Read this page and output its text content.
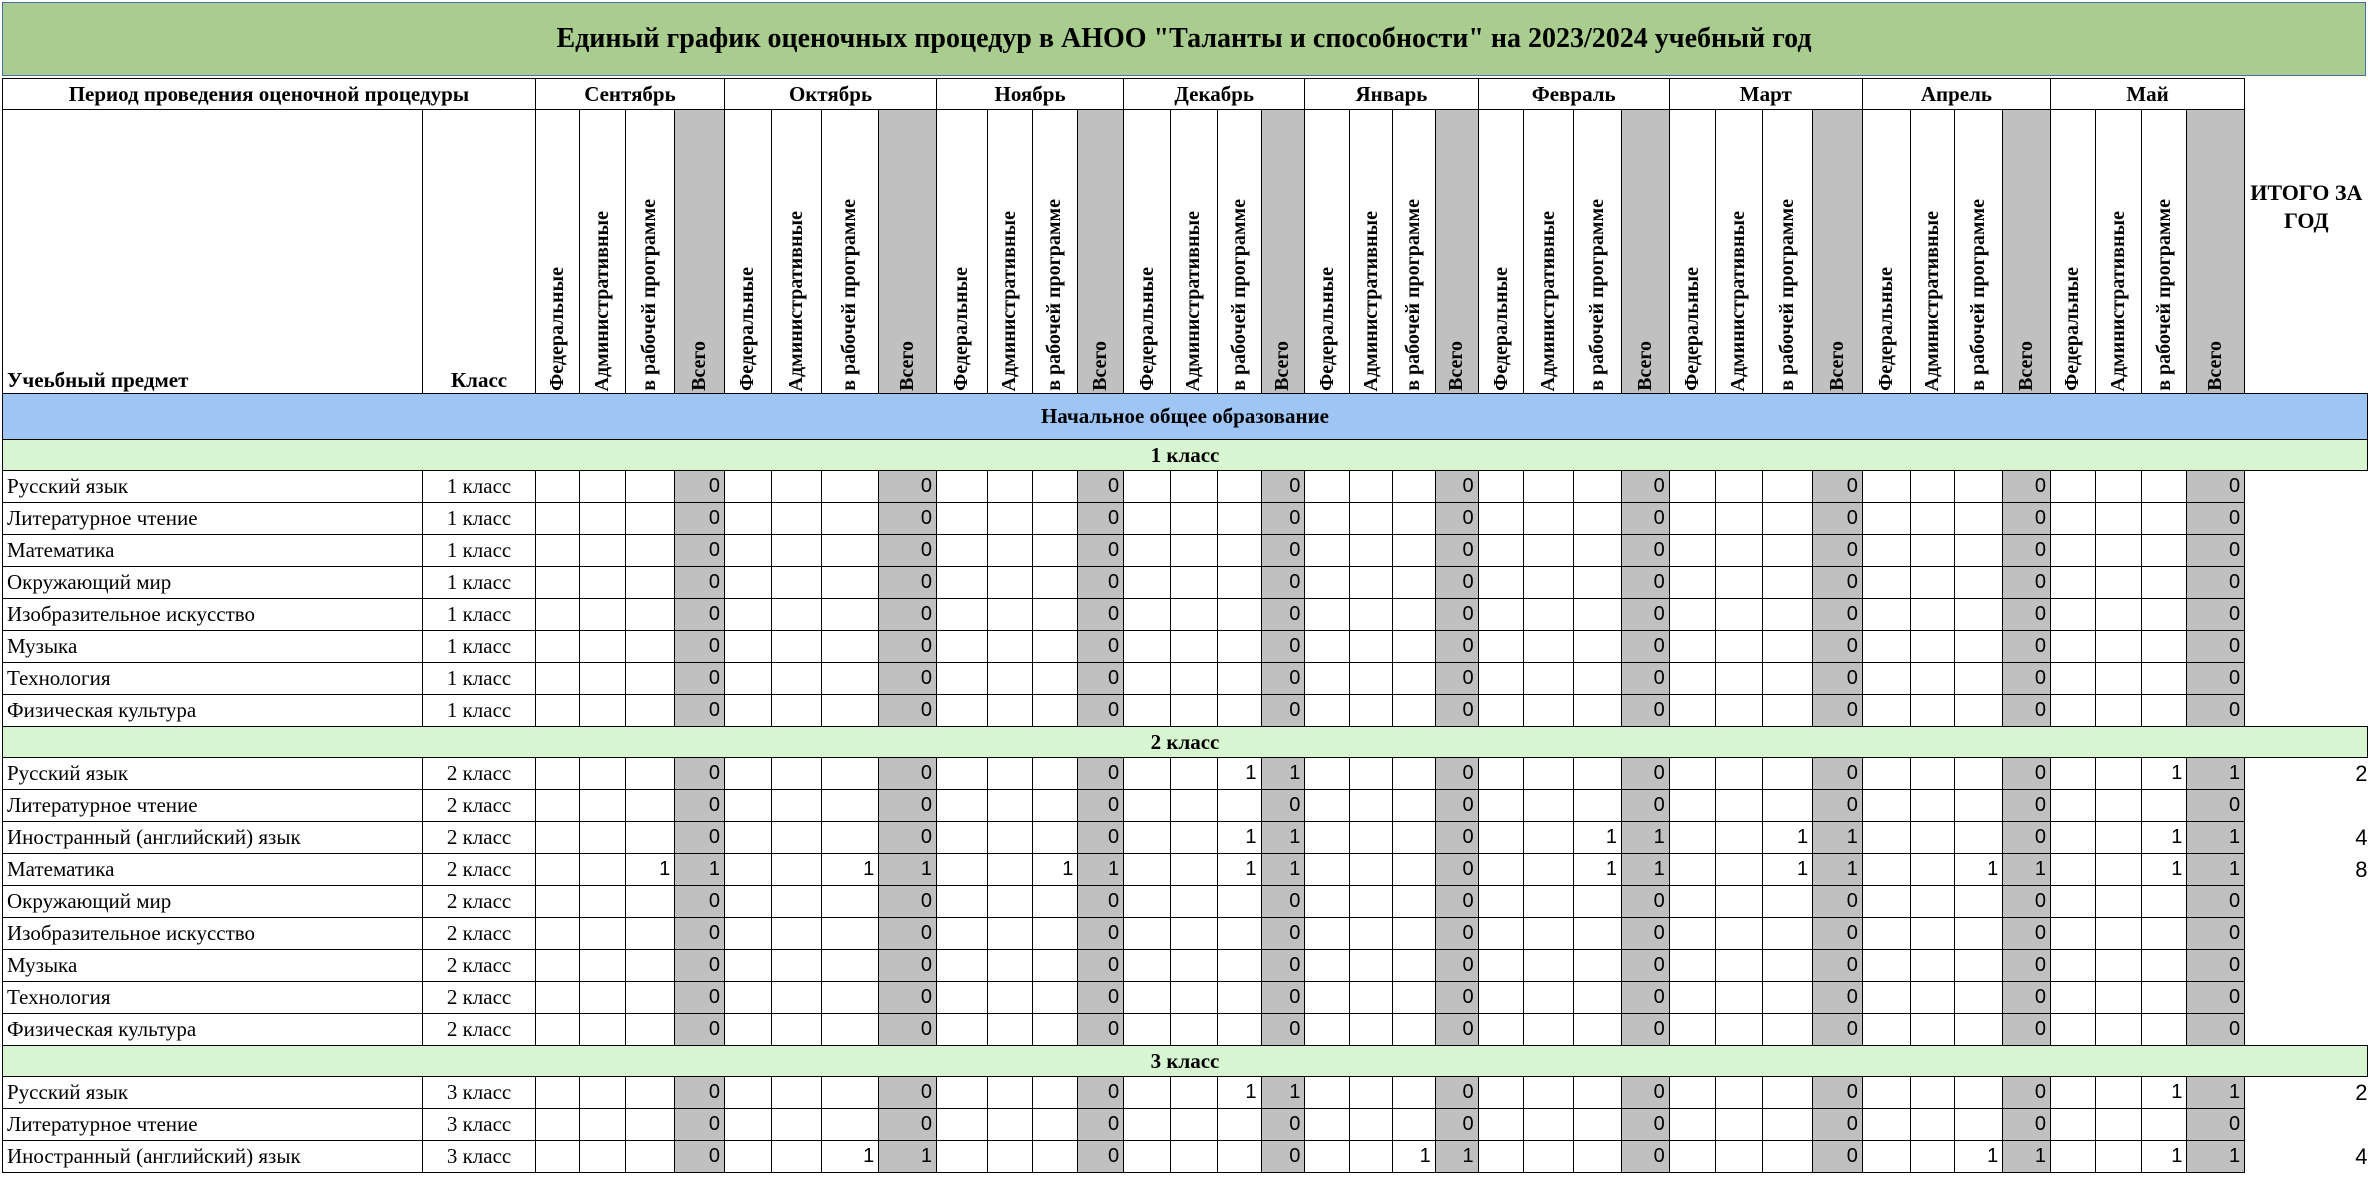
Единый график оценочных процедур в АНОО "Таланты и способности" на 2023/2024 учебный год
Период проведения оценочной процедуры		Сентябрь				Октябрь				Ноябрь				Декабрь				Январь				Февраль				Март				Апрель				Май				ИТОГО ЗА ГОД
Учеьбный предмет	Класс	Федеральные	Административные	в рабочей программе	Всего	Федеральные	Административные	в рабочей программе	Всего	Федеральные	Административные	в рабочей программе	Всего	Федеральные	Административные	в рабочей программе	Всего	Федеральные	Административные	в рабочей программе	Всего	Федеральные	Административные	в рабочей программе	Всего	Федеральные	Административные	в рабочей программе	Всего	Федеральные	Административные	в рабочей программе	Всего	Федеральные	Административные	в рабочей программе	Всего	

Начальное общее образование																																						
1 класс																																						
Русский язык	1 класс				0				0				0				0				0				0				0				0				0	
Литературное чтение	1 класс				0				0				0				0				0				0				0				0				0	
Математика	1 класс				0				0				0				0				0				0				0				0				0	
Окружающий мир	1 класс				0				0				0				0				0				0				0				0				0	
Изобразительное искусство	1 класс				0				0				0				0				0				0				0				0				0	
Музыка	1 класс				0				0				0				0				0				0				0				0				0	
Технология	1 класс				0				0				0				0				0				0				0				0				0	
Физическая культура	1 класс				0				0				0				0				0				0				0				0				0	
2 класс																																						
Русский язык	2 класс				0				0				0			1	1				0				0				0				0			1	1	2
Литературное чтение	2 класс				0				0				0				0				0				0				0				0				0	
Иностранный (английский) язык	2 класс				0				0				0			1	1				0			1	1			1	1				0			1	1	4
Математика	2 класс			1	1			1	1			1	1			1	1				0			1	1			1	1			1	1			1	1	8
Окружающий мир	2 класс				0				0				0				0				0				0				0				0				0	
Изобразительное искусство	2 класс				0				0				0				0				0				0				0				0				0	
Музыка	2 класс				0				0				0				0				0				0				0				0				0	
Технология	2 класс				0				0				0				0				0				0				0				0				0	
Физическая культура	2 класс				0				0				0				0				0				0				0				0				0	
3 класс																																						
Русский язык	3 класс				0				0				0			1	1				0				0				0				0			1	1	2
Литературное чтение	3 класс				0				0				0				0				0				0				0				0				0	
Иностранный (английский) язык	3 класс				0			1	1				0				0			1	1				0				0			1	1			1	1	4
